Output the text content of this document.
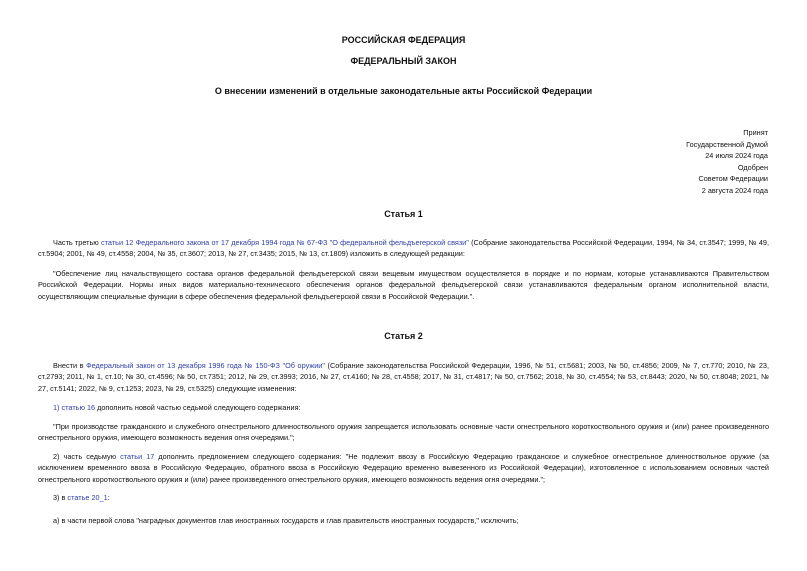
РОССИЙСКАЯ ФЕДЕРАЦИЯ
ФЕДЕРАЛЬНЫЙ ЗАКОН
О внесении изменений в отдельные законодательные акты Российской Федерации
Принят
Государственной Думой
24 июля 2024 года
Одобрен
Советом Федерации
2 августа 2024 года
Статья 1
Часть третью статьи 12 Федерального закона от 17 декабря 1994 года № 67-ФЗ "О федеральной фельдъегерской связи" (Собрание законодательства Российской Федерации, 1994, № 34, ст.3547; 1999, № 49, ст.5904; 2001, № 49, ст.4558; 2004, № 35, ст.3607; 2013, № 27, ст.3435; 2015, № 13, ст.1809) изложить в следующей редакции:
"Обеспечение лиц начальствующего состава органов федеральной фельдъегерской связи вещевым имуществом осуществляется в порядке и по нормам, которые устанавливаются Правительством Российской Федерации. Нормы иных видов материально-технического обеспечения органов федеральной фельдъегерской связи устанавливаются федеральным органом исполнительной власти, осуществляющим специальные функции в сфере обеспечения федеральной фельдъегерской связи в Российской Федерации.".
Статья 2
Внести в Федеральный закон от 13 декабря 1996 года № 150-ФЗ "Об оружии" (Собрание законодательства Российской Федерации, 1996, № 51, ст.5681; 2003, № 50, ст.4856; 2009, № 7, ст.770; 2010, № 23, ст.2793; 2011, № 1, ст.10; № 30, ст.4596; № 50, ст.7351; 2012, № 29, ст.3993; 2016, № 27, ст.4160; № 28, ст.4558; 2017, № 31, ст.4817; № 50, ст.7562; 2018, № 30, ст.4554; № 53, ст.8443; 2020, № 50, ст.8048; 2021, № 27, ст.5141; 2022, № 9, ст.1253; 2023, № 29, ст.5325) следующие изменения:
1) статью 16 дополнить новой частью седьмой следующего содержания:
"При производстве гражданского и служебного огнестрельного длинноствольного оружия запрещается использовать основные части огнестрельного короткоствольного оружия и (или) ранее произведенного огнестрельного оружия, имеющего возможность ведения огня очередями.";
2) часть седьмую статьи 17 дополнить предложением следующего содержания: "Не подлежит ввозу в Российскую Федерацию гражданское и служебное огнестрельное длинноствольное оружие (за исключением временного ввоза в Российскую Федерацию, обратного ввоза в Российскую Федерацию временно вывезенного из Российской Федерации), изготовленное с использованием основных частей огнестрельного короткоствольного оружия и (или) ранее произведенного огнестрельного оружия, имеющего возможность ведения огня очередями.";
3) в статье 20_1:
а) в части первой слова "наградных документов глав иностранных государств и глав правительств иностранных государств," исключить;
